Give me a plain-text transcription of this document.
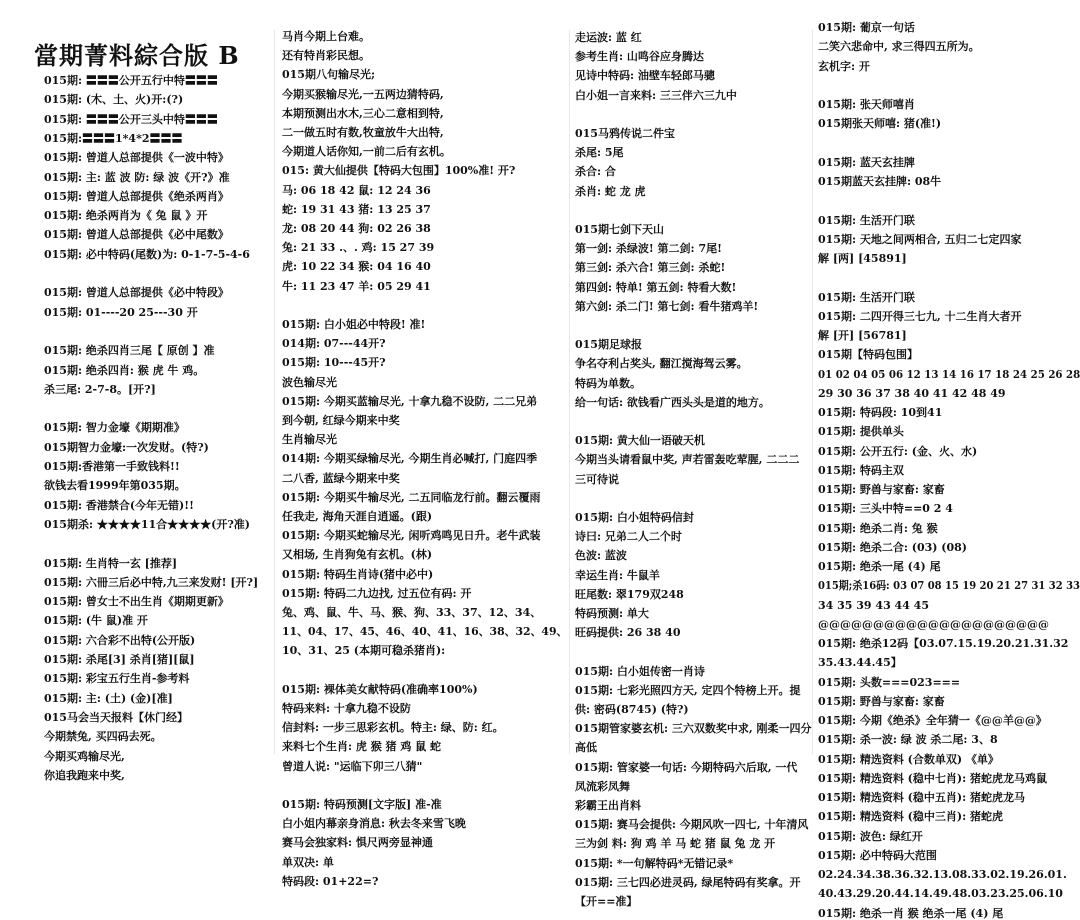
當期菁料綜合版 B
015期: 〓〓〓公开五行中特〓〓〓
015期: (木、土、火)开:(?)
015期: 〓〓〓公开三头中特〓〓〓
015期:〓〓〓1*4*2〓〓〓
015期: 曾道人总部提供《一波中特》
015期: 主: 蓝 波 防: 绿 波《开?》准
015期: 曾道人总部提供《绝杀两肖》
015期: 绝杀两肖为《 兔 鼠 》开
015期: 曾道人总部提供《必中尾数》
015期: 必中特码(尾数)为: 0-1-7-5-4-6
015期: 曾道人总部提供《必中特段》
015期: 01----20 25---30 开
015期: 绝杀四肖三尾【 原创 】准
015期: 绝杀四肖: 猴 虎 牛 鸡。
杀三尾: 2-7-8。[开?]
015期: 智力金壕《期期准》
015期智力金壕:一次发财。(特?)
015期:香港第一手致钱料!!
欲钱去看1999年第035期。
015期: 香港禁合(今年无错)!!
015期杀: ★★★★11合★★★★(开?准)
015期: 生肖特一玄 [推荐]
015期: 六冊三后必中特,九三来发财! [开?]
015期: 曾女士不出生肖《期期更新》
015期: (牛 鼠)准 开
015期: 六合彩不出特(公开版)
015期: 杀尾[3] 杀肖[猪][鼠]
015期: 彩宝五行生肖-参考料
015期: 主: (土) (金)[准]
015马会当天报料【休门经】
今期禁兔, 买四码去死。
今期买鸡输尽光,
你追我跑来中奖,
马肖今期上台难。
还有特肖彩民想。
015期八句输尽光;
今期买猴输尽光,一五两边猜特码,
本期预测出水木,三心二意相到特,
二一做五时有数,牧童放牛大出特,
今期道人话你知,一前二后有玄机。
015: 黄大仙提供【特码大包围】100%准! 开?
马: 06 18 42 鼠: 12 24 36
蛇: 19 31 43 猪: 13 25 37
龙: 08 20 44 狗: 02 26 38
兔: 21 33 .、. 鸡: 15 27 39
虎: 10 22 34 猴: 04 16 40
牛: 11 23 47 羊: 05 29 41
015期: 白小姐必中特段! 准!
014期: 07---44开?
015期: 10---45开?
波色输尽光
015期: 今期买蓝输尽光, 十拿九稳不设防, 二二兄弟
到今朝, 红绿今期来中奖
生肖输尽光
014期: 今期买绿输尽光, 今期生肖必喊打, 门庭四季
二八香, 蓝绿今期来中奖
015期: 今期买牛输尽光, 二五同临龙行前。翻云覆雨
任我走, 海角天涯自逍遥。(跟)
015期: 今期买蛇输尽光, 闲听鸡鸣见日升。老牛武装
又相场, 生肖狗兔有玄机。(林)
015期: 特码生肖诗(猪中必中)
015期: 特码二九边找, 过五位有码: 开
兔、鸡、鼠、牛、马、猴、狗、33、37、12、34、
11、04、17、45、46、40、41、16、38、32、49、
10、31、25 (本期可稳杀猪肖):
015期: 裸体美女献特码(准确率100%)
特码来料: 十拿九稳不设防
信封料: 一步三思彩玄机。特主: 绿、防: 红。
来料七个生肖: 虎 猴 猪 鸡 鼠 蛇
曾道人说: "运临下卯三八猜"
015期: 特码预测[文字版] 准-准
白小姐内幕亲身消息: 秋去冬来雪飞晚
赛马会独家料: 惧尺两旁显神通
单双决: 单
特码段: 01+22=?
走运波: 蓝 红
参考生肖: 山鸣谷应身腾达
见诗中特码: 油壁车轻郎马骢
白小姐一言来料: 三三伴六三九中
015马鸦传说二件宝
杀尾: 5尾
杀合: 合
杀肖: 蛇 龙 虎
015期七剑下天山
第一剑: 杀绿波! 第二剑: 7尾!
第三剑: 杀六合! 第三剑: 杀蛇!
第四剑: 特单! 第五剑: 特看大数!
第六剑: 杀二门! 第七剑: 看牛猪鸡羊!
015期足球报
争名夺利占奖头, 翻江搅海驾云雾。
特码为单数。
给一句话: 欲钱看广西头头是道的地方。
015期: 黄大仙一语破天机
今期当头请看鼠中奖, 声若雷轰吃荤腥, 二二二
三可待说
015期: 白小姐特码信封
诗曰: 兄弟二人二个时
色波: 蓝波
幸运生肖: 牛鼠羊
旺尾数: 翠179双248
特码预测: 单大
旺码提供: 26 38 40
015期: 白小姐传密一肖诗
015期: 七彩光照四方天, 定四个特榜上开。提
供: 密码(8745) (特?)
015期管家婆玄机: 三六双数奖中求, 刚柔一四分
高低
015期: 管家婆一句话: 今期特码六后取, 一代
凤流彩凤舞
彩霸王出肖料
015期: 赛马会提供: 今期风吹一四七, 十年清风
三为剑 料: 狗 鸡 羊 马 蛇 猪 鼠 兔 龙 开
015期: *一句解特码*无错记录*
015期: 三七四必进灵码, 绿尾特码有奖拿。开
【开==准】
015期: 葡京一句话
二笑六悲命中, 求三得四五所为。
玄机字: 开
015期: 张天师嘻肖
015期张天师嘻: 猪(准!)
015期: 蓝天玄挂牌
015期蓝天玄挂牌: 08牛
015期: 生活开门联
015期: 天地之间两相合, 五归二七定四家
解 [两] [45891]
015期: 生活开门联
015期: 二四开得三七九, 十二生肖大者开
解 [开] [56781]
015期【特码包围】
01 02 04 05 06 12 13 14 16 17 18 24 25 26 28
29 30 36 37 38 40 41 42 48 49
015期: 特码段: 10到41
015期: 提供单头
015期: 公开五行: (金、火、水)
015期: 特码主双
015期: 野兽与家畜: 家畜
015期: 三头中特==0 2 4
015期: 绝杀二肖: 兔 猴
015期: 绝杀二合: (03) (08)
015期: 绝杀一尾 (4) 尾
015期;杀16码: 03 07 08 15 19 20 21 27 31 32 33
34 35 39 43 44 45
@@@@@@@@@@@@@@@@@@@@@
015期: 绝杀12码【03.07.15.19.20.21.31.32
35.43.44.45】
015期: 头数===023===
015期: 野兽与家畜: 家畜
015期: 今期《绝杀》全年猜一《@@羊@@》
015期: 杀一波: 绿 波 杀二尾: 3、8
015期: 精选资料 (合数单双) 《单》
015期: 精选资料 (稳中七肖): 猪蛇虎龙马鸡鼠
015期: 精选资料 (稳中五肖): 猪蛇虎龙马
015期: 精选资料 (稳中三肖): 猪蛇虎
015期: 波色: 绿红开
015期: 必中特码大范围
02.24.34.38.36.32.13.08.33.02.19.26.01.
40.43.29.20.44.14.49.48.03.23.25.06.10
015期: 绝杀一肖 猴 绝杀一尾 (4) 尾
